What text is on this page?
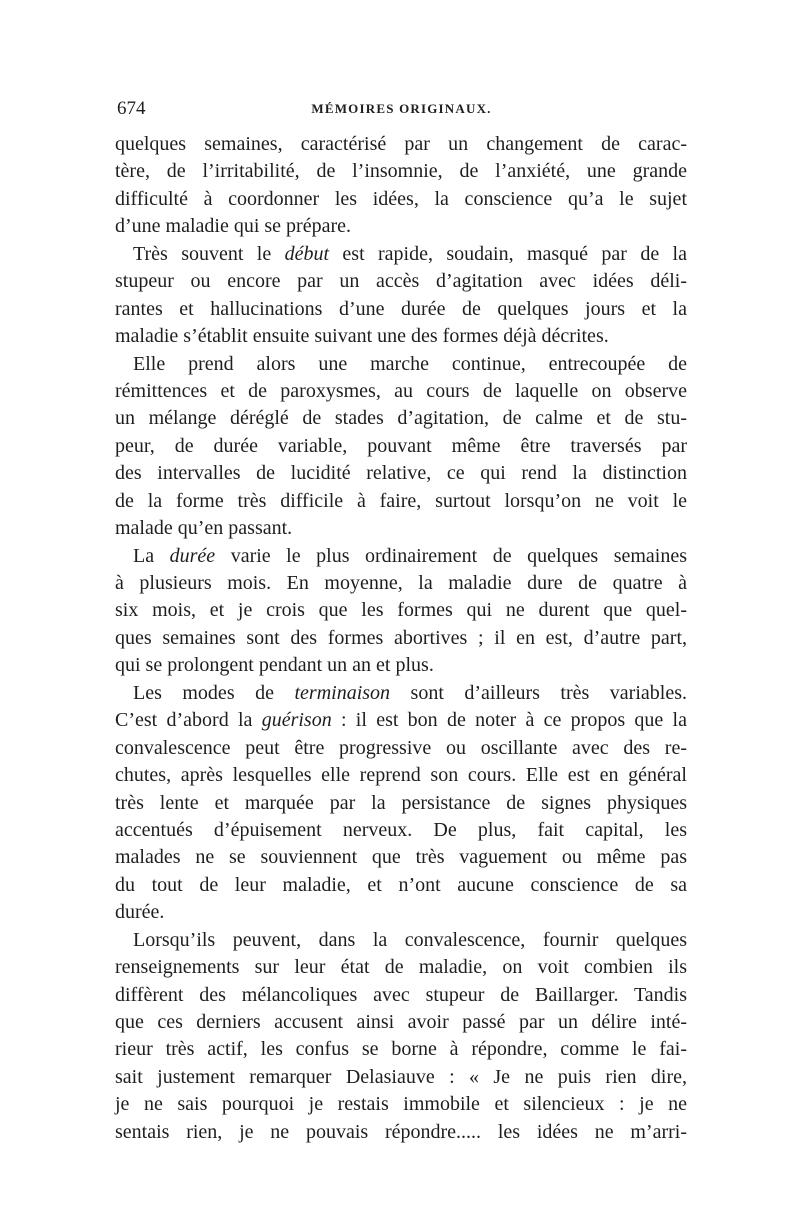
674	MÉMOIRES ORIGINAUX.
quelques semaines, caractérisé par un changement de carac-
tère, de l’irritabilité, de l’insomnie, de l’anxiété, une grande
difficulté à coordonner les idées, la conscience qu’a le sujet
d’une maladie qui se prépare.
Très souvent le début est rapide, soudain, masqué par de la
stupeur ou encore par un accès d’agitation avec idées déli-
rantes et hallucinations d’une durée de quelques jours et la
maladie s’établit ensuite suivant une des formes déjà décrites.
Elle prend alors une marche continue, entrecoupée de
rémittences et de paroxysmes, au cours de laquelle on observe
un mélange déréglé de stades d’agitation, de calme et de stu-
peur, de durée variable, pouvant même être traversés par
des intervalles de lucidité relative, ce qui rend la distinction
de la forme très difficile à faire, surtout lorsqu’on ne voit le
malade qu’en passant.
La durée varie le plus ordinairement de quelques semaines
à plusieurs mois. En moyenne, la maladie dure de quatre à
six mois, et je crois que les formes qui ne durent que quel-
ques semaines sont des formes abortives ; il en est, d’autre part,
qui se prolongent pendant un an et plus.
Les modes de terminaison sont d’ailleurs très variables.
C’est d’abord la guérison : il est bon de noter à ce propos que la
convalescence peut être progressive ou oscillante avec des re-
chutes, après lesquelles elle reprend son cours. Elle est en général
très lente et marquée par la persistance de signes physiques
accentués d’épuisement nerveux. De plus, fait capital, les
malades ne se souviennent que très vaguement ou même pas
du tout de leur maladie, et n’ont aucune conscience de sa
durée.
Lorsqu’ils peuvent, dans la convalescence, fournir quelques
renseignements sur leur état de maladie, on voit combien ils
diffèrent des mélancoliques avec stupeur de Baillarger. Tandis
que ces derniers accusent ainsi avoir passé par un délire inté-
rieur très actif, les confus se borne à répondre, comme le fai-
sait justement remarquer Delasiauve : « Je ne puis rien dire,
je ne sais pourquoi je restais immobile et silencieux : je ne
sentais rien, je ne pouvais répondre..... les idées ne m’arri-
